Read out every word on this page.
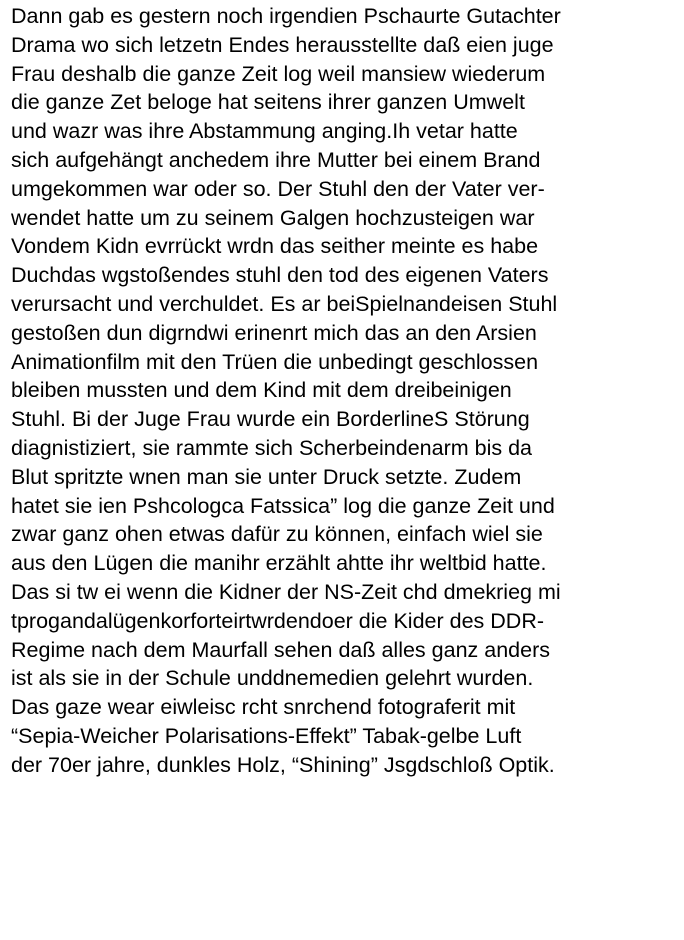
Dann gab es gestern noch irgendien Pschaurte Gutachter
Drama wo sich letzetn Endes herausstellte daß eien juge
Frau deshalb die ganze Zeit log weil mansiew wiederum
die ganze Zet beloge hat seitens ihrer ganzen Umwelt
und wazr was ihre Abstammung anging.Ih vetar hatte
sich aufgehängt anchedem ihre Mutter bei einem Brand
umgekommen war oder so. Der Stuhl den der Vater ver-
wendet hatte um zu seinem Galgen hochzusteigen war
Vondem Kidn evrrückt wrdn das seither meinte es habe
Duchdas wgstoßendes stuhl den tod des eigenen Vaters
verursacht und verchuldet. Es ar beiSpielnandeisen Stuhl
gestoßen dun digrndwi erinenrt mich das an den Arsien
Animationfilm mit den Trüen die unbedingt geschlossen
bleiben mussten und dem Kind mit dem dreibeinigen
Stuhl. Bi der Juge Frau wurde ein BorderlineS Störung
diagnistiziert, sie rammte sich Scherbeindenarm bis da
Blut spritzte wnen man sie unter Druck setzte. Zudem
hatet sie ien Pshcologca Fatssica” log die ganze Zeit und
zwar ganz ohen etwas dafür zu können, einfach wiel sie
aus den Lügen die manihr erzählt ahtte ihr weltbid hatte.
Das si tw ei wenn die Kidner der NS-Zeit chd dmekrieg mi
tprogandalügenkorforteirtwrdendoer die Kider des DDR-
Regime nach dem Maurfall sehen daß alles ganz anders
ist als sie in der Schule unddnemedien gelehrt wurden.
Das gaze wear eiwleisc rcht snrchend fotograferit mit
“Sepia-Weicher Polarisations-Effekt” Tabak-gelbe Luft
der 70er jahre, dunkles Holz, “Shining” Jsgdschloß Optik.
